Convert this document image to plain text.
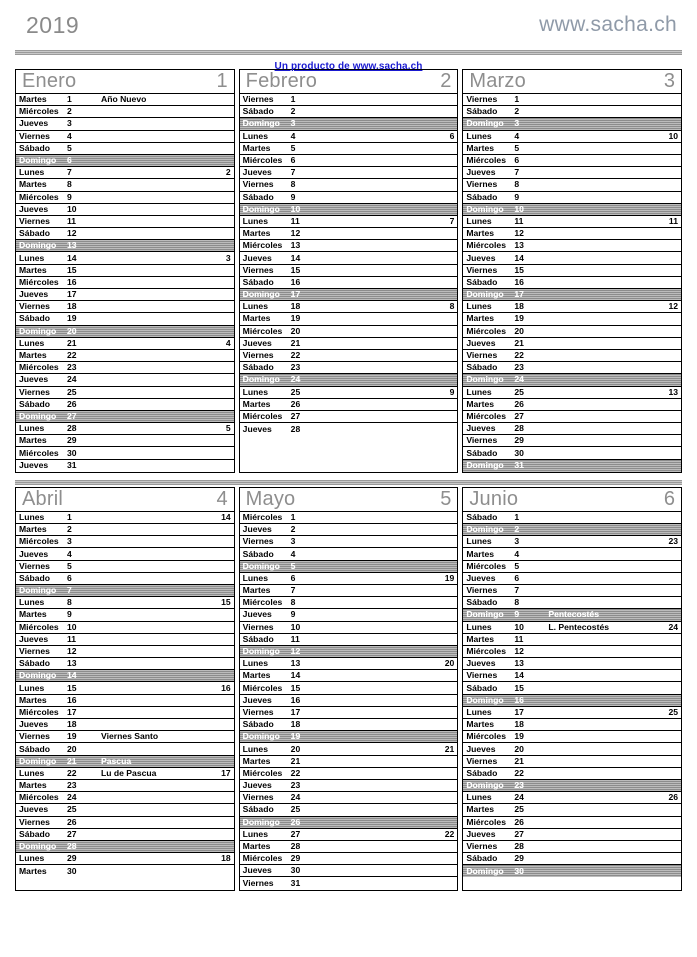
2019	www.sacha.ch
Un producto de www.sacha.ch
Enero	1
Martes	1	Año Nuevo
Miércoles 2
Jueves	3
Viernes	4
Sábado	5
Domingo	6
Lunes	7	2
Martes	8
Miércoles 9
Jueves	10
Viernes	11
Sábado	12
Domingo	13
Lunes	14	3
Martes	15
Miércoles 16
Jueves	17
Viernes	18
Sábado	19
Domingo	20
Lunes	21	4
Martes	22
Miércoles 23
Jueves	24
Viernes	25
Sábado	26
Domingo	27
Lunes	28	5
Martes	29
Miércoles 30
Jueves	31
Febrero	2
Viernes	1
Sábado	2
Domingo	3
Lunes	4	6
Martes	5
Miércoles 6
Jueves	7
Viernes	8
Sábado	9
Domingo	10
Lunes	11	7
Martes	12
Miércoles 13
Jueves	14
Viernes	15
Sábado	16
Domingo	17
Lunes	18	8
Martes	19
Miércoles 20
Jueves	21
Viernes	22
Sábado	23
Domingo	24
Lunes	25	9
Martes	26
Miércoles 27
Jueves	28
Marzo	3
Viernes	1
Sábado	2
Domingo	3
Lunes	4	10
Martes	5
Miércoles 6
Jueves	7
Viernes	8
Sábado	9
Domingo	10
Lunes	11	11
Martes	12
Miércoles 13
Jueves	14
Viernes	15
Sábado	16
Domingo	17
Lunes	18	12
Martes	19
Miércoles 20
Jueves	21
Viernes	22
Sábado	23
Domingo	24
Lunes	25	13
Martes	26
Miércoles 27
Jueves	28
Viernes	29
Sábado	30
Domingo	31
Abril	4
Lunes	1	14
Martes	2
Miércoles 3
Jueves	4
Viernes	5
Sábado	6
Domingo	7
Lunes	8	15
Martes	9
Miércoles 10
Jueves	11
Viernes	12
Sábado	13
Domingo	14
Lunes	15	16
Martes	16
Miércoles 17
Jueves	18
Viernes	19	Viernes Santo
Sábado	20
Domingo	21	Pascua
Lunes	22	Lu de Pascua	17
Martes	23
Miércoles 24
Jueves	25
Viernes	26
Sábado	27
Domingo	28
Lunes	29	18
Martes	30
Mayo	5
Miércoles 1
Jueves	2
Viernes	3
Sábado	4
Domingo	5
Lunes	6	19
Martes	7
Miércoles 8
Jueves	9
Viernes	10
Sábado	11
Domingo	12
Lunes	13	20
Martes	14
Miércoles 15
Jueves	16
Viernes	17
Sábado	18
Domingo	19
Lunes	20	21
Martes	21
Miércoles 22
Jueves	23
Viernes	24
Sábado	25
Domingo	26
Lunes	27	22
Martes	28
Miércoles 29
Jueves	30
Viernes	31
Junio	6
Sábado	1
Domingo	2
Lunes	3	23
Martes	4
Miércoles 5
Jueves	6
Viernes	7
Sábado	8
Domingo	9	Pentecostés
Lunes	10	L. Pentecostés	24
Martes	11
Miércoles 12
Jueves	13
Viernes	14
Sábado	15
Domingo	16
Lunes	17	25
Martes	18
Miércoles 19
Jueves	20
Viernes	21
Sábado	22
Domingo	23
Lunes	24	26
Martes	25
Miércoles 26
Jueves	27
Viernes	28
Sábado	29
Domingo	30
